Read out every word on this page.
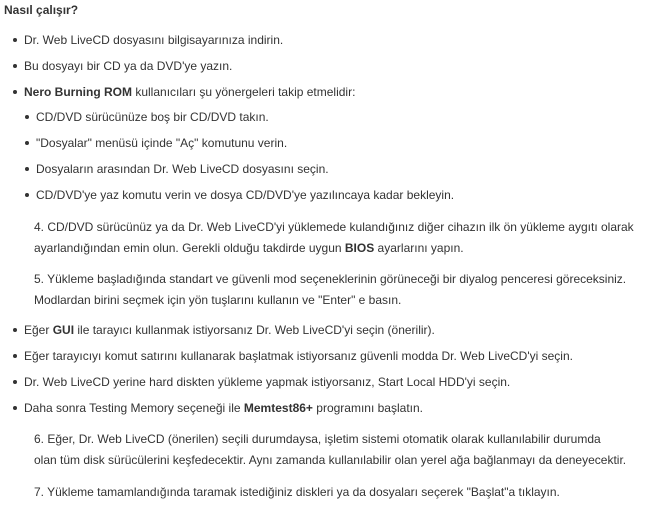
Nasıl çalışır?
Dr. Web LiveCD dosyasını bilgisayarınıza indirin.
Bu dosyayı bir CD ya da DVD'ye yazın.
Nero Burning ROM kullanıcıları şu yönergeleri takip etmelidir:
CD/DVD sürücünüze boş bir CD/DVD takın.
"Dosyalar" menüsü içinde "Aç" komutunu verin.
Dosyaların arasından Dr. Web LiveCD dosyasını seçin.
CD/DVD'ye yaz komutu verin ve dosya CD/DVD'ye yazılıncaya kadar bekleyin.
4. CD/DVD sürücünüz ya da Dr. Web LiveCD'yi yüklemede kulandığınız diğer cihazın ilk ön yükleme aygıtı olarak
ayarlandığından emin olun. Gerekli olduğu takdirde uygun BIOS ayarlarını yapın.
5. Yükleme başladığında standart ve güvenli mod seçeneklerinin görüneceği bir diyalog penceresi göreceksiniz.
Modlardan birini seçmek için yön tuşlarını kullanın ve "Enter" e basın.
Eğer GUI ile tarayıcı kullanmak istiyorsanız Dr. Web LiveCD'yi seçin (önerilir).
Eğer tarayıcıyı komut satırını kullanarak başlatmak istiyorsanız güvenli modda Dr. Web LiveCD'yi seçin.
Dr. Web LiveCD yerine hard diskten yükleme yapmak istiyorsanız, Start Local HDD'yi seçin.
Daha sonra Testing Memory seçeneği ile Memtest86+ programını başlatın.
6. Eğer, Dr. Web LiveCD (önerilen) seçili durumdaysa, işletim sistemi otomatik olarak kullanılabilir durumda
olan tüm disk sürücülerini keşfedecektir. Aynı zamanda kullanılabilir olan yerel ağa bağlanmayı da deneyecektir.
7. Yükleme tamamlandığında taramak istediğiniz diskleri ya da dosyaları seçerek "Başlat"a tıklayın.
